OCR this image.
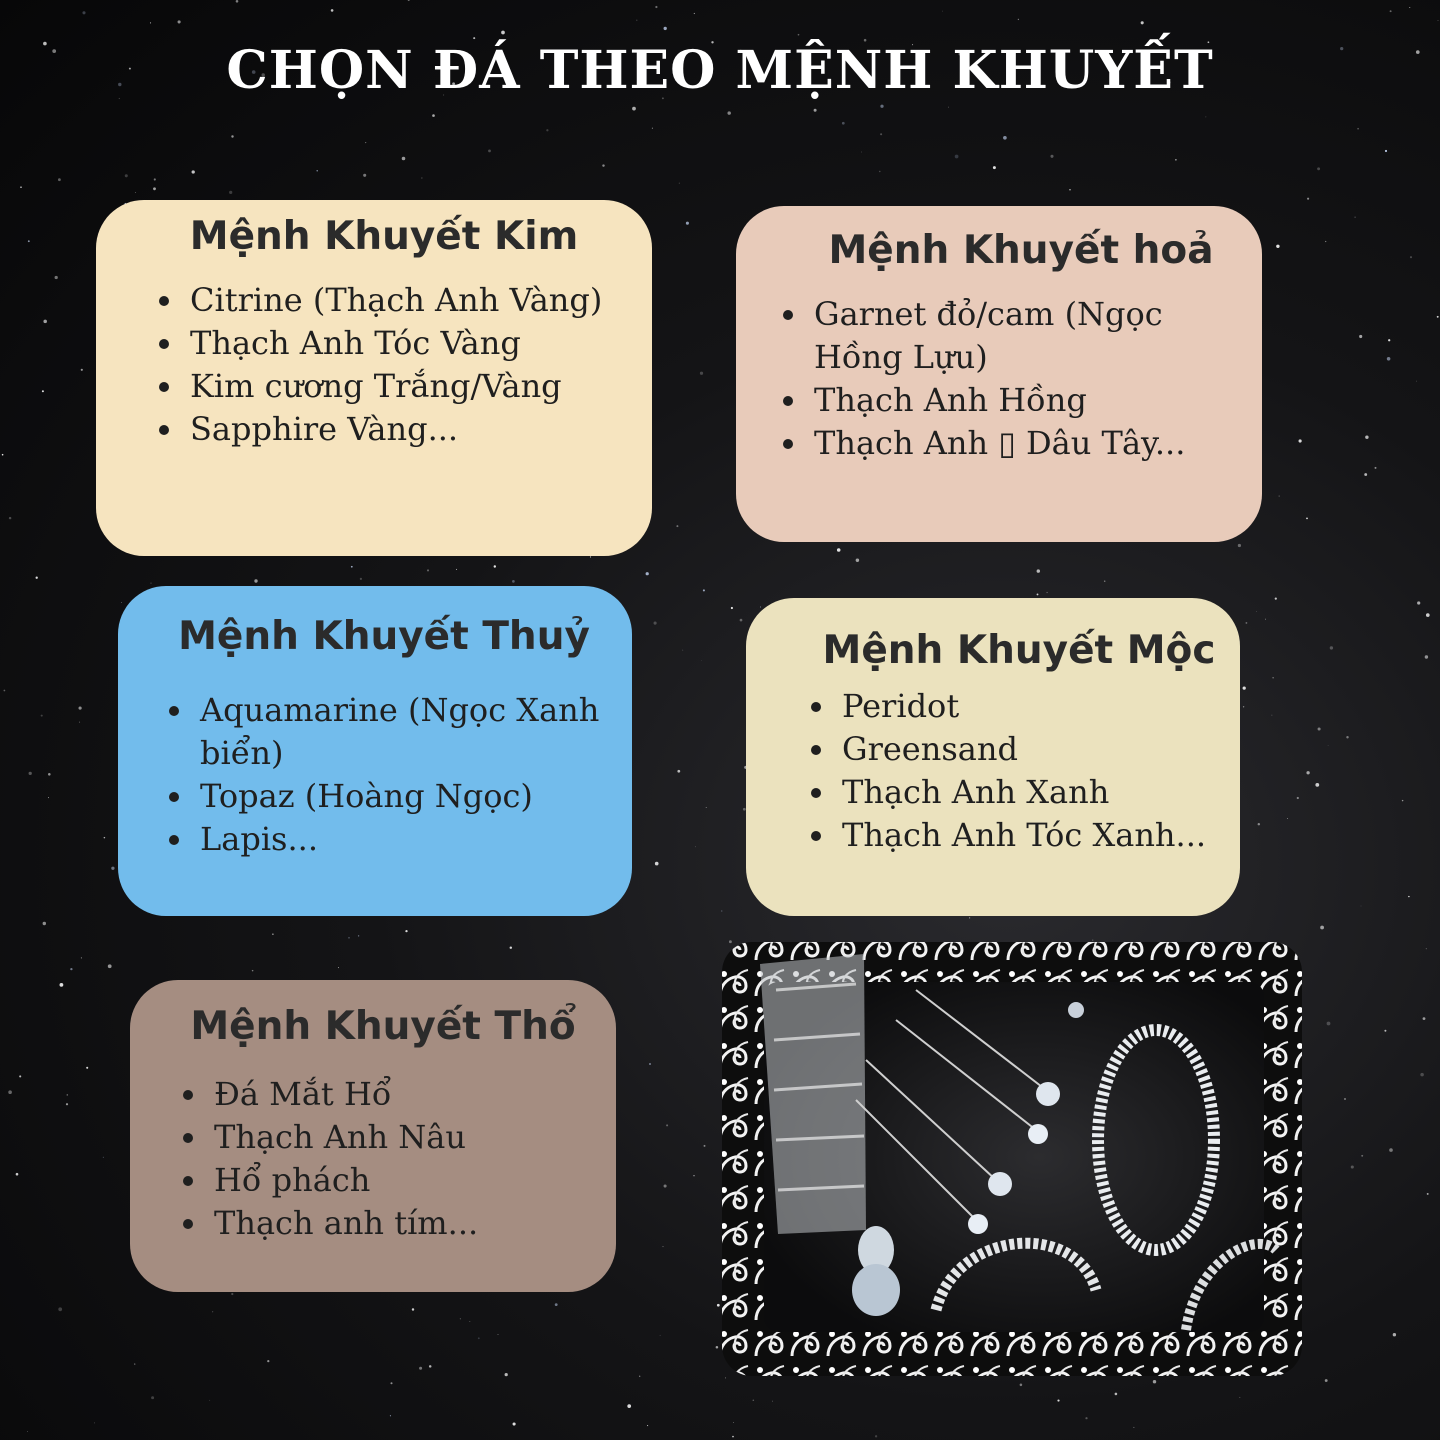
CHỌN ĐÁ THEO MỆNH KHUYẾT
Mệnh Khuyết Kim
• Citrine (Thạch Anh Vàng)
• Thạch Anh Tóc Vàng
• Kim cương Trắng/Vàng
• Sapphire Vàng...
Mệnh Khuyết hoả
• Garnet đỏ/cam (Ngọc Hồng Lựu)
• Thạch Anh Hồng
• Thạch Anh ▯ Dâu Tây...
Mệnh Khuyết Thuỷ
• Aquamarine (Ngọc Xanh biển)
• Topaz (Hoàng Ngọc)
• Lapis...
Mệnh Khuyết Mộc
• Peridot
• Greensand
• Thạch Anh Xanh
• Thạch Anh Tóc Xanh...
Mệnh Khuyết Thổ
• Đá Mắt Hổ
• Thạch Anh Nâu
• Hổ phách
• Thạch anh tím...
